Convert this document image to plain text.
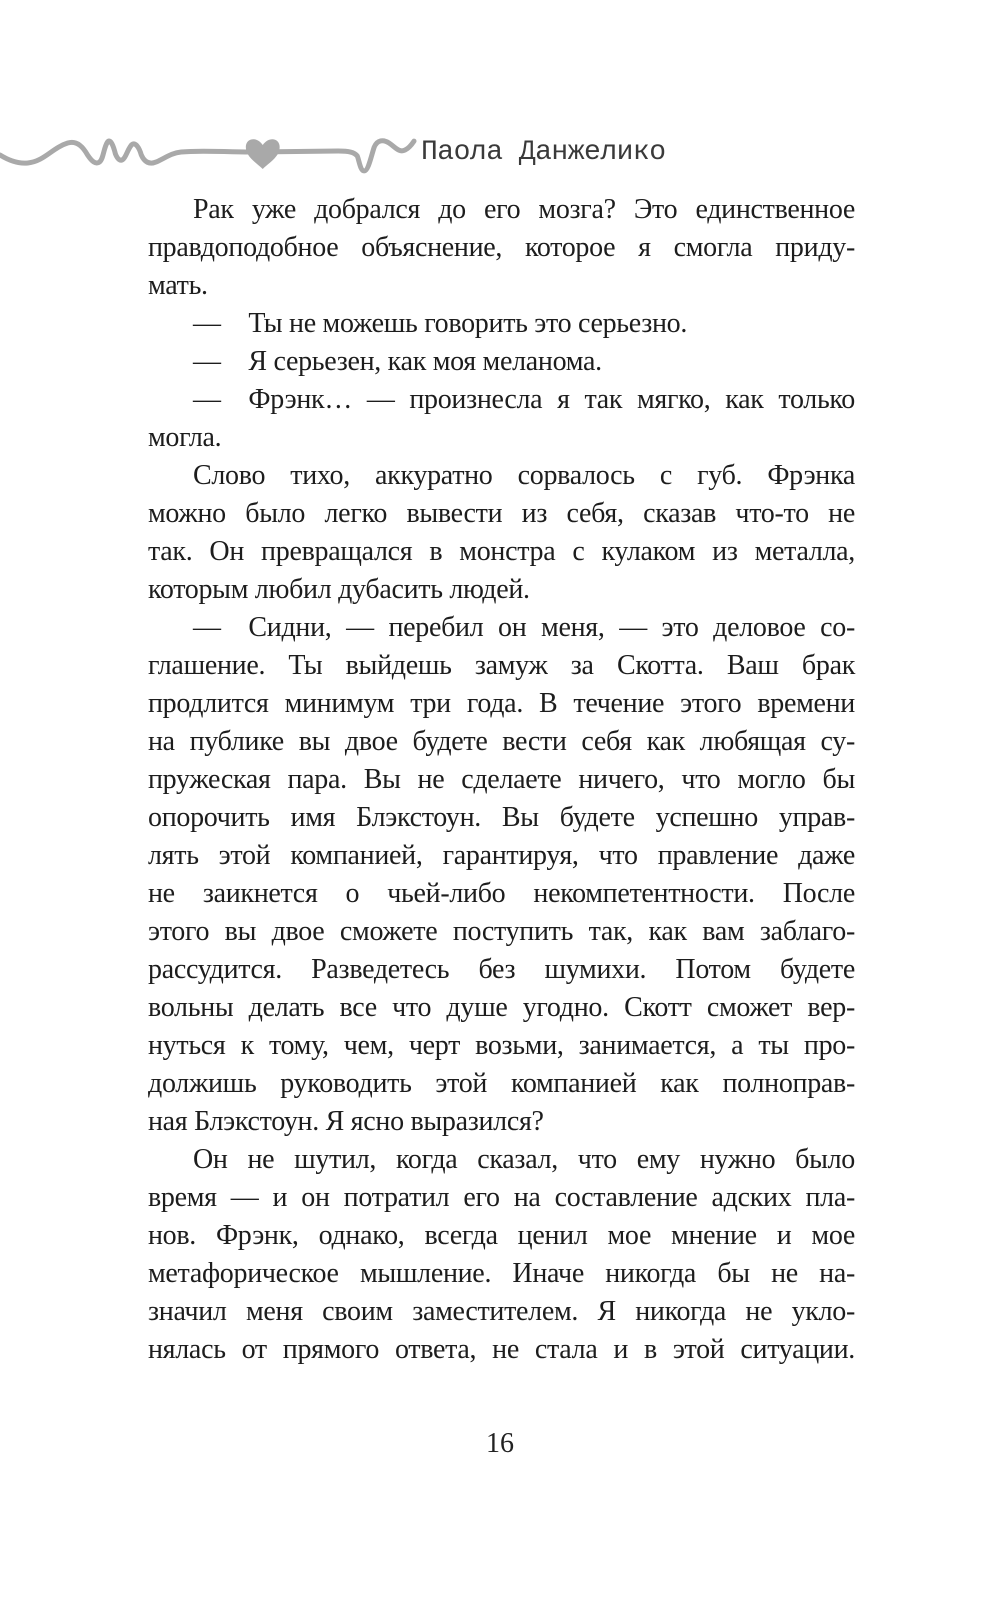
Паола Данжелико
Рак уже добрался до его мозга? Это единственное
правдоподобное объяснение, которое я смогла приду-
мать.
— Ты не можешь говорить это серьезно.
— Я серьезен, как моя меланома.
— Фрэнк… — произнесла я так мягко, как только
могла.
Слово тихо, аккуратно сорвалось с губ. Фрэнка
можно было легко вывести из себя, сказав что-то не
так. Он превращался в монстра с кулаком из металла,
которым любил дубасить людей.
— Сидни, — перебил он меня, — это деловое со-
глашение. Ты выйдешь замуж за Скотта. Ваш брак
продлится минимум три года. В течение этого времени
на публике вы двое будете вести себя как любящая су-
пружеская пара. Вы не сделаете ничего, что могло бы
опорочить имя Блэкстоун. Вы будете успешно управ-
лять этой компанией, гарантируя, что правление даже
не заикнется о чьей-либо некомпетентности. После
этого вы двое сможете поступить так, как вам заблаго-
рассудится. Разведетесь без шумихи. Потом будете
вольны делать все что душе угодно. Скотт сможет вер-
нуться к тому, чем, черт возьми, занимается, а ты про-
должишь руководить этой компанией как полноправ-
ная Блэкстоун. Я ясно выразился?
Он не шутил, когда сказал, что ему нужно было
время — и он потратил его на составление адских пла-
нов. Фрэнк, однако, всегда ценил мое мнение и мое
метафорическое мышление. Иначе никогда бы не на-
значил меня своим заместителем. Я никогда не укло-
нялась от прямого ответа, не стала и в этой ситуации.
16
